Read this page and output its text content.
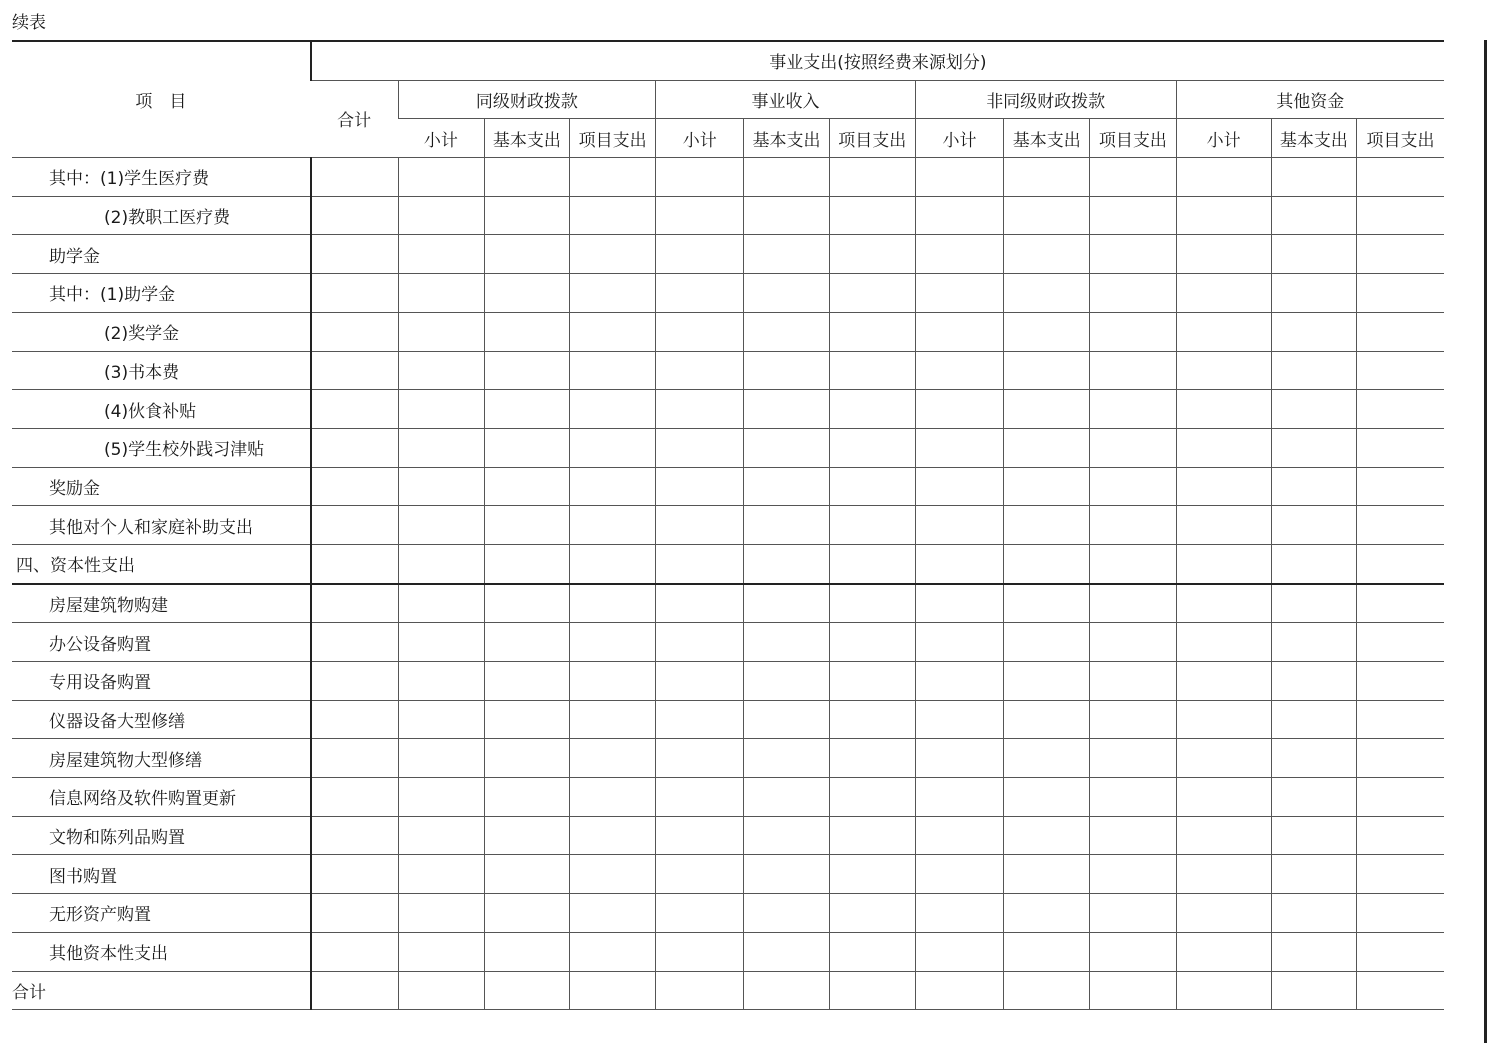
续表
项　目	事业支出(按照经费来源划分)												
	合计	同级财政拨款			事业收入			非同级财政拨款			其他资金		
		小计	基本支出	项目支出	小计	基本支出	项目支出	小计	基本支出	项目支出	小计	基本支出	项目支出
其中：(1)学生医疗费													
(2)教职工医疗费													
助学金													
其中：(1)助学金													
(2)奖学金													
(3)书本费													
(4)伙食补贴													
(5)学生校外践习津贴													
奖励金													
其他对个人和家庭补助支出													
四、资本性支出													
房屋建筑物购建													
办公设备购置													
专用设备购置													
仪器设备大型修缮													
房屋建筑物大型修缮													
信息网络及软件购置更新													
文物和陈列品购置													
图书购置													
无形资产购置													
其他资本性支出													
合计													
